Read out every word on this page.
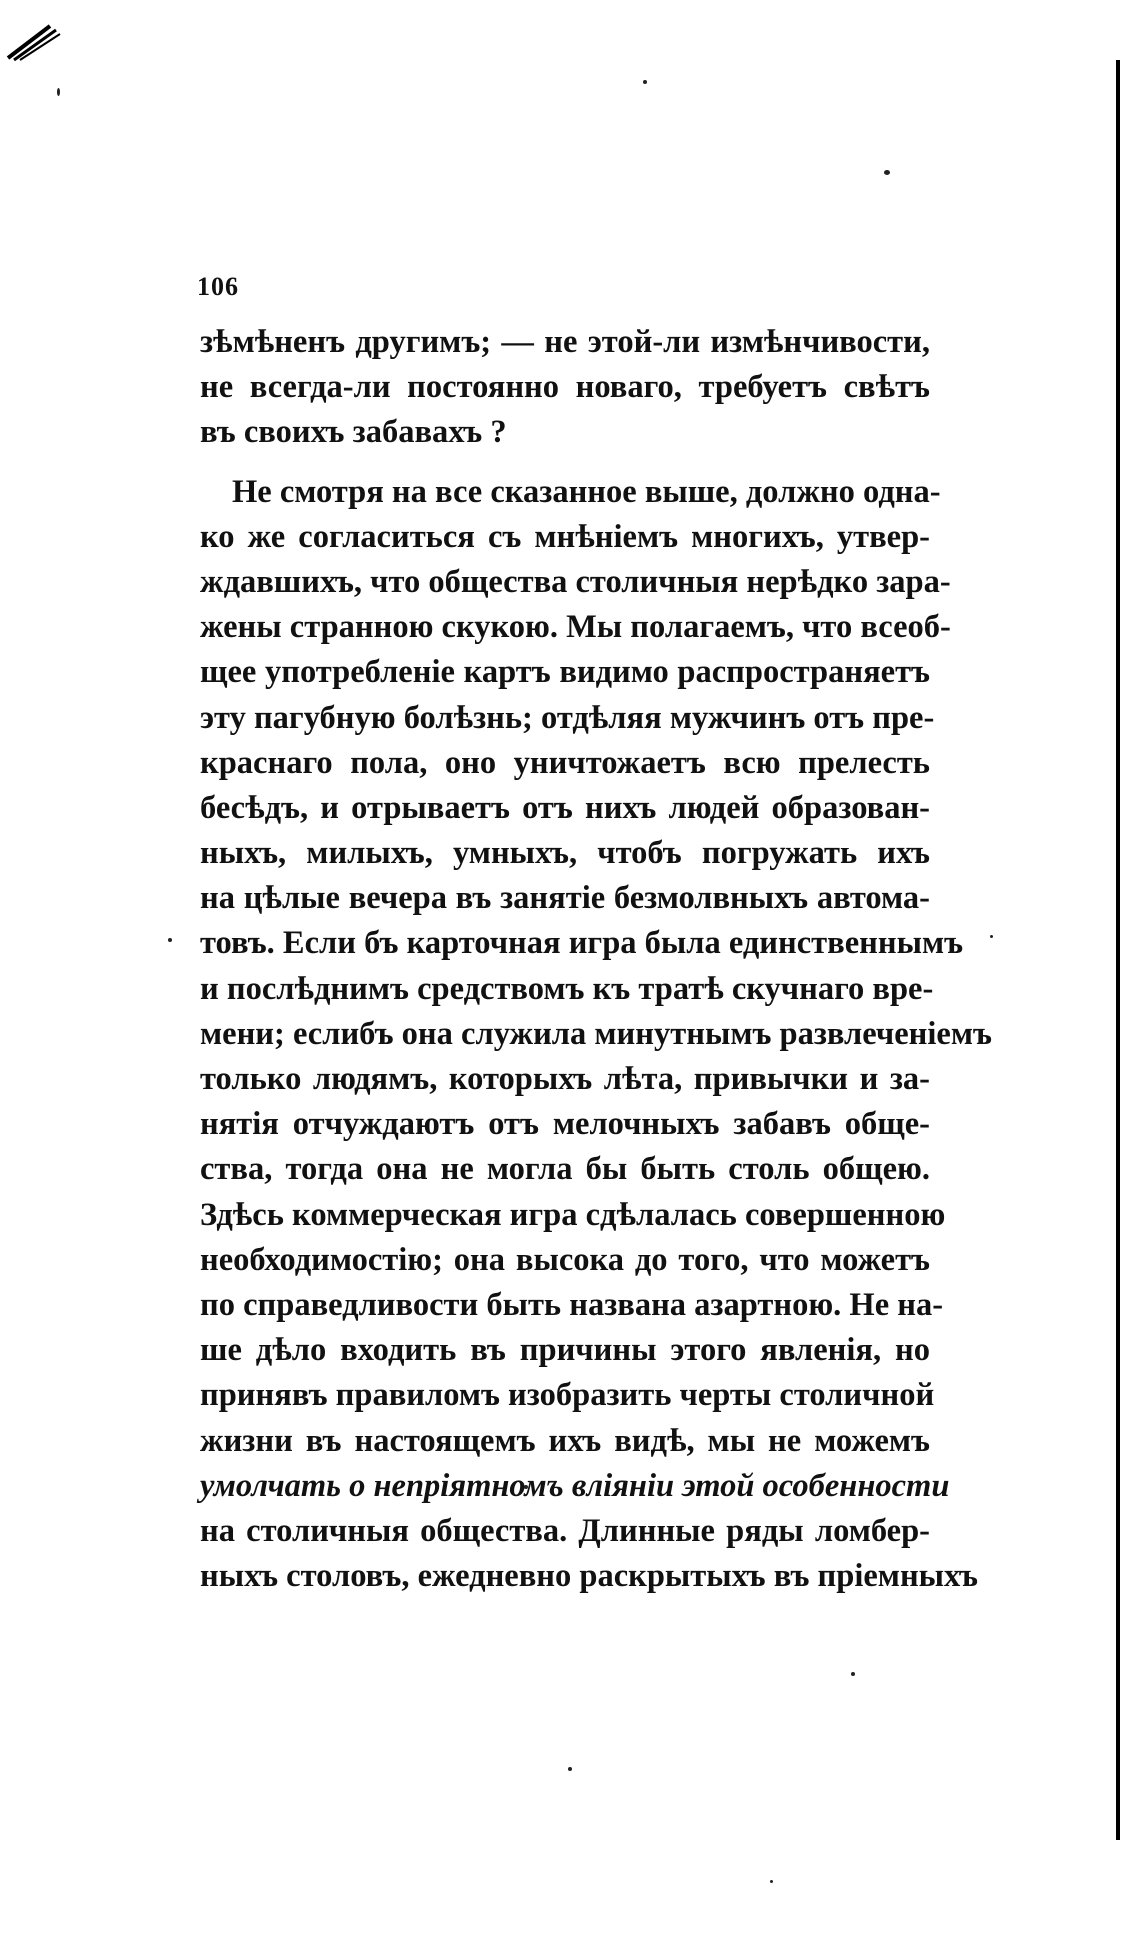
106
зѣмѣненъ другимъ; — не этой-ли измѣнчивости,
не всегда-ли постоянно новаго, требуетъ свѣтъ
въ своихъ забавахъ ?
Не смотря на все сказанное выше, должно одна-
ко же согласиться съ мнѣніемъ многихъ, утвер-
ждавшихъ, что общества столичныя нерѣдко зара-
жены странною скукою. Мы полагаемъ, что всеоб-
щее употребленіе картъ видимо распространяетъ
эту пагубную болѣзнь; отдѣляя мужчинъ отъ пре-
краснаго пола, оно уничтожаетъ всю прелесть
бесѣдъ, и отрываетъ отъ нихъ людей образован-
ныхъ, милыхъ, умныхъ, чтобъ погружать ихъ
на цѣлые вечера въ занятіе безмолвныхъ автома-
товъ. Если бъ карточная игра была единственнымъ
и послѣднимъ средствомъ къ тратѣ скучнаго вре-
мени; еслибъ она служила минутнымъ развлеченіемъ
только людямъ, которыхъ лѣта, привычки и за-
нятія отчуждаютъ отъ мелочныхъ забавъ обще-
ства, тогда она не могла бы быть столь общею.
Здѣсь коммерческая игра сдѣлалась совершенною
необходимостію; она высока до того, что можетъ
по справедливости быть названа азартною. Не на-
ше дѣло входить въ причины этого явленія, но
принявъ правиломъ изобразить черты столичной
жизни въ настоящемъ ихъ видѣ, мы не можемъ
умолчать о непріятномъ вліяніи этой особенности
на столичныя общества. Длинные ряды ломбер-
ныхъ столовъ, ежедневно раскрытыхъ въ пріемныхъ
